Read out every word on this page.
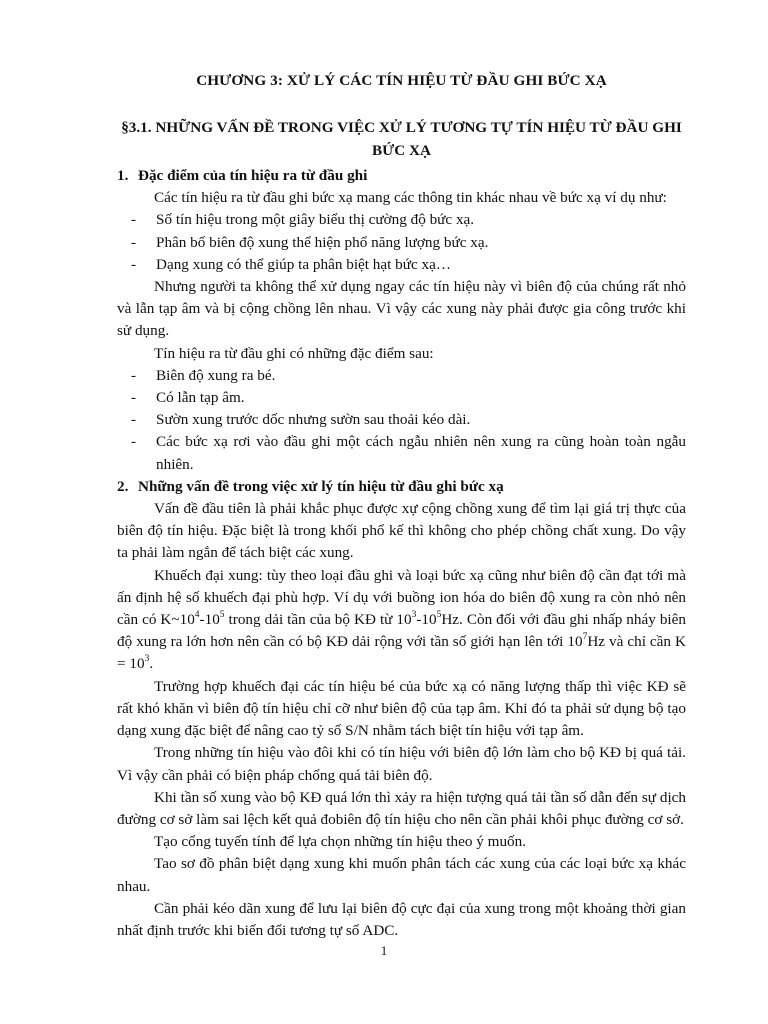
CHƯƠNG 3: XỬ LÝ CÁC TÍN HIỆU TỪ ĐẦU GHI BỨC XẠ
§3.1. NHỮNG VẤN ĐỀ TRONG VIỆC XỬ LÝ TƯƠNG TỰ TÍN HIỆU TỪ ĐẦU GHI BỨC XẠ
1. Đặc điểm của tín hiệu ra từ đầu ghi

Các tín hiệu ra từ đầu ghi bức xạ mang các thông tin khác nhau về bức xạ ví dụ như:

- Số tín hiệu trong một giây biểu thị cường độ bức xạ.
- Phân bố biên độ xung thể hiện phổ năng lượng bức xạ.
- Dạng xung có thể giúp ta phân biệt hạt bức xạ…

Nhưng người ta không thể xử dụng ngay các tín hiệu này vì biên độ của chúng rất nhỏ và lẫn tạp âm và bị cộng chồng lên nhau. Vì vậy các xung này phải được gia công trước khi sử dụng.

Tín hiệu ra từ đầu ghi có những đặc điểm sau:

- Biên độ xung ra bé.
- Có lẫn tạp âm.
- Sườn xung trước dốc nhưng sườn sau thoải kéo dài.
- Các bức xạ rơi vào đầu ghi một cách ngẫu nhiên nên xung ra cũng hoàn toàn ngẫu nhiên.
2. Những vấn đề trong việc xử lý tín hiệu từ đầu ghi bức xạ

Vấn đề đầu tiên là phải khắc phục được xự cộng chồng xung để tìm lại giá trị thực của biên độ tín hiệu. Đặc biệt là trong khối phổ kế thì không cho phép chồng chất xung. Do vậy ta phải làm ngắn để tách biệt các xung.

Khuếch đại xung: tùy theo loại đầu ghi và loại bức xạ cũng như biên độ cần đạt tới mà ấn định hệ số khuếch đại phù hợp. Ví dụ với buồng ion hóa do biên độ xung ra còn nhỏ nên cần có $K\sim 10^4-10^5$ trong dải tần của bộ KĐ từ $10^3-10^5Hz$. Còn đối với đầu ghi nhấp nháy biên độ xung ra lớn hơn nên cần có bộ KĐ dải rộng với tần số giới hạn lên tới $10^7Hz$ và chỉ cần $K = 10^3$.

Trường hợp khuếch đại các tín hiệu bé của bức xạ có năng lượng thấp thì việc KĐ sẽ rất khó khăn vì biên độ tín hiệu chỉ cỡ như biên độ của tạp âm. Khi đó ta phải sử dụng bộ tạo dạng xung đặc biệt để nâng cao tỷ số S/N nhằm tách biệt tín hiệu với tạp âm.

Trong những tín hiệu vào đôi khi có tín hiệu với biên độ lớn làm cho bộ KĐ bị quá tải. Vì vậy cần phải có biện pháp chống quá tải biên độ.

Khi tần số xung vào bộ KĐ quá lớn thì xảy ra hiện tượng quá tải tần số dẫn đến sự dịch đường cơ sở làm sai lệch kết quả đobiên độ tín hiệu cho nên cần phải khôi phục đường cơ sở.

Tạo cổng tuyến tính để lựa chọn những tín hiệu theo ý muốn.

Tao sơ đồ phân biệt dạng xung khi muốn phân tách các xung của các loại bức xạ khác nhau.

Cần phải kéo dãn xung để lưu lại biên độ cực đại của xung trong một khoảng thời gian nhất định trước khi biến đổi tương tự số ADC.

1
